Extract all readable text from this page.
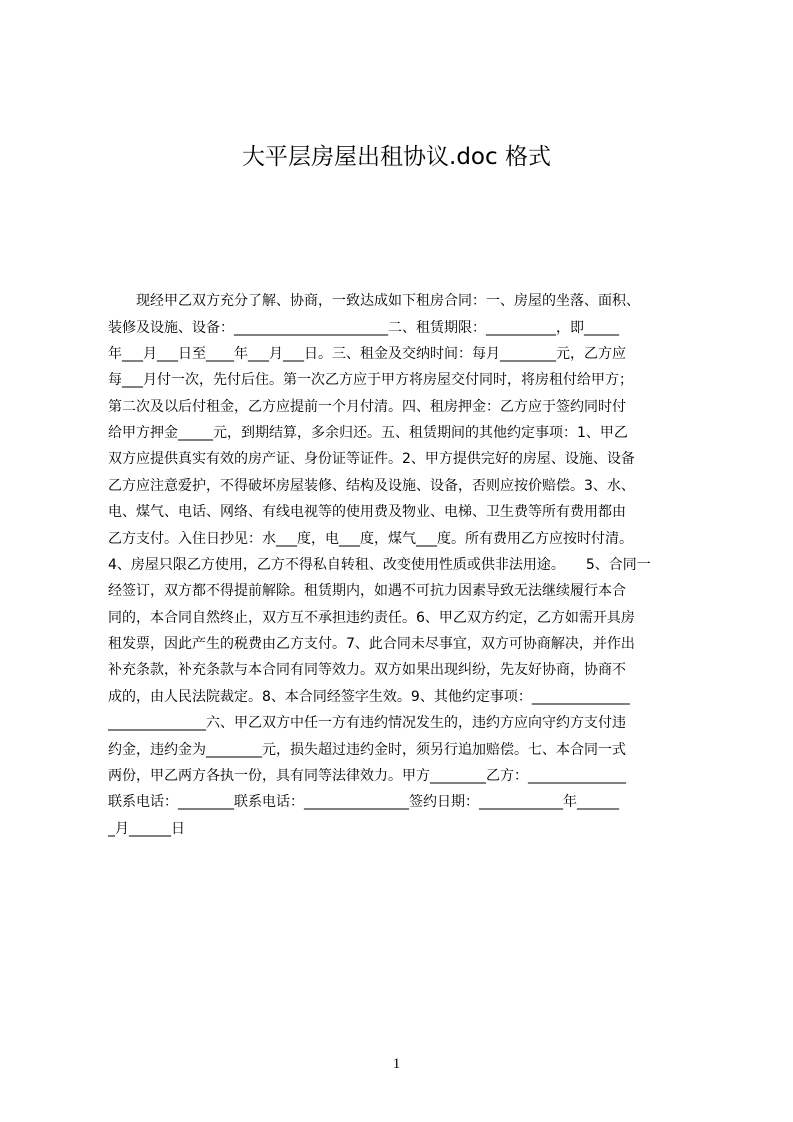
大平层房屋出租协议.doc 格式
　　现经甲乙双方充分了解、协商，一致达成如下租房合同：一、房屋的坐落、面积、
装修及设施、设备：______________________二、租赁期限：__________，即_____
年___月___日至____年___月___日。三、租金及交纳时间：每月________元，乙方应
每___月付一次，先付后住。第一次乙方应于甲方将房屋交付同时，将房租付给甲方；
第二次及以后付租金，乙方应提前一个月付清。四、租房押金：乙方应于签约同时付
给甲方押金_____元，到期结算，多余归还。五、租赁期间的其他约定事项：1、甲乙
双方应提供真实有效的房产证、身份证等证件。2、甲方提供完好的房屋、设施、设备
乙方应注意爱护，不得破坏房屋装修、结构及设施、设备，否则应按价赔偿。3、水、
电、煤气、电话、网络、有线电视等的使用费及物业、电梯、卫生费等所有费用都由
乙方支付。入住日抄见：水___度，电___度，煤气___度。所有费用乙方应按时付清。
4、房屋只限乙方使用，乙方不得私自转租、改变使用性质或供非法用途。　　5、合同一
经签订，双方都不得提前解除。租赁期内，如遇不可抗力因素导致无法继续履行本合
同的，本合同自然终止，双方互不承担违约责任。6、甲乙双方约定，乙方如需开具房
租发票，因此产生的税费由乙方支付。7、此合同未尽事宜，双方可协商解决，并作出
补充条款，补充条款与本合同有同等效力。双方如果出现纠纷，先友好协商，协商不
成的，由人民法院裁定。8、本合同经签字生效。9、其他约定事项：______________
______________六、甲乙双方中任一方有违约情况发生的，违约方应向守约方支付违
约金，违约金为________元，损失超过违约金时，须另行追加赔偿。七、本合同一式
两份，甲乙两方各执一份，具有同等法律效力。甲方________乙方：______________
联系电话：________联系电话：_______________签约日期：____________年______
_月______日
1
